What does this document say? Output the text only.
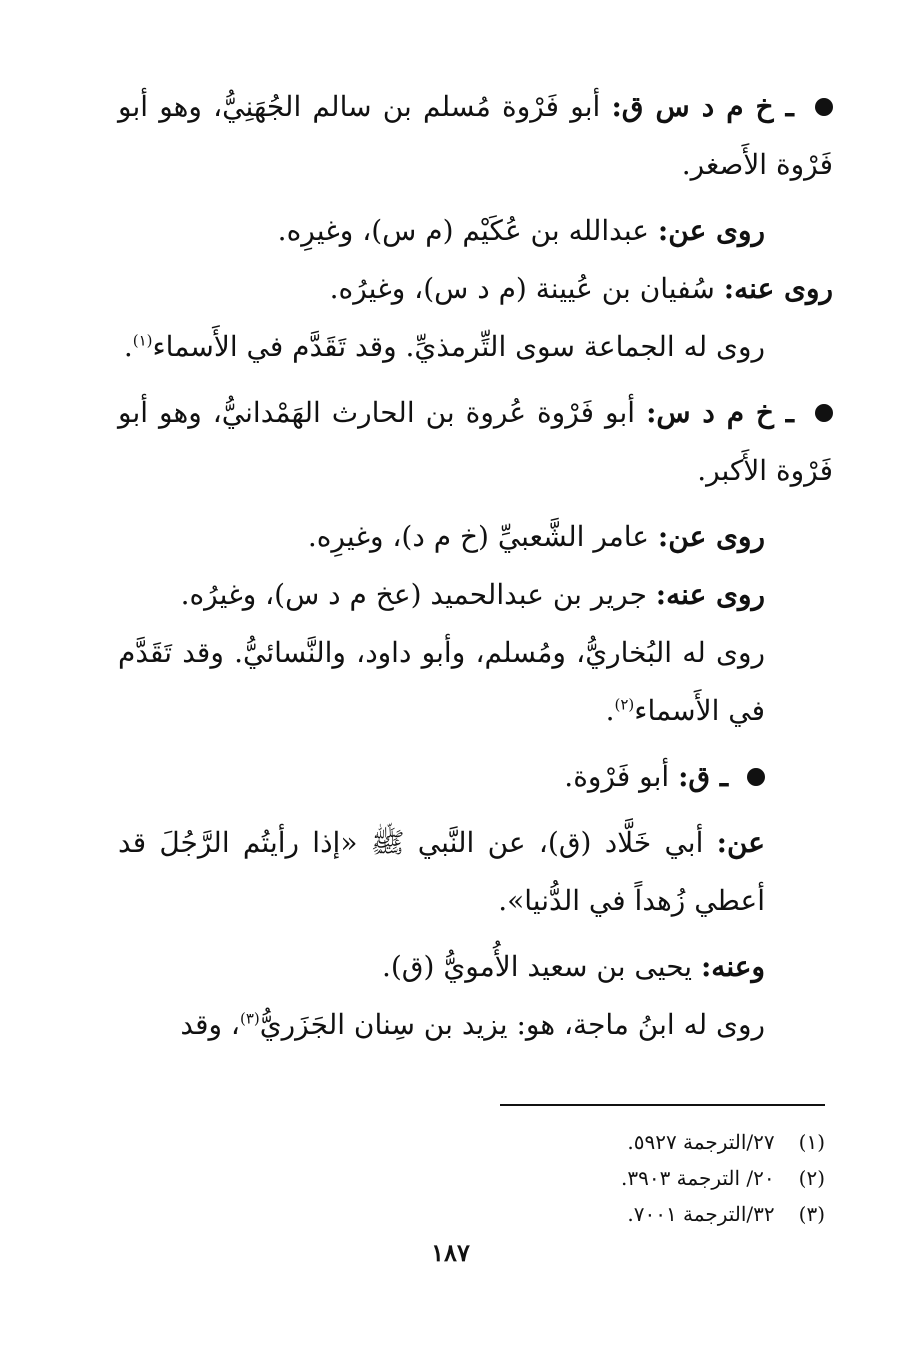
ـ خ م د س ق: أبو فَرْوة مُسلم بن سالم الجُهَنِيُّ، وهو أبو فَرْوة الأَصغر.

روى عن: عبدالله بن عُكَيْم (م س)، وغيرِه.

روى عنه: سُفيان بن عُيينة (م د س)، وغيرُه.

روى له الجماعة سوى التِّرمذيِّ. وقد تَقَدَّم في الأَسماء$^{(١)}$.

ـ خ م د س: أبو فَرْوة عُروة بن الحارث الهَمْدانيُّ، وهو أبو فَرْوة الأَكبر.

روى عن: عامر الشَّعبيِّ (خ م د)، وغيرِه.

روى عنه: جرير بن عبدالحميد (عخ م د س)، وغيرُه.

روى له البُخاريُّ، ومُسلم، وأبو داود، والنَّسائيُّ. وقد تَقَدَّم في الأَسماء$^{(٢)}$.

ـ ق: أبو فَرْوة.

عن: أبي خَلَّاد (ق)، عن النَّبي ﷺ «إذا رأيتُم الرَّجُلَ قد أعطي زُهداً في الدُّنيا».

وعنه: يحيى بن سعيد الأُمويُّ (ق).

روى له ابنُ ماجة، هو: يزيد بن سِنان الجَزَريُّ$^{(٣)}$، وقد

(١) ٢٧/الترجمة ٥٩٢٧.
(٢) ٢٠/ الترجمة ٣٩٠٣.
(٣) ٣٢/الترجمة ٧٠٠١.
١٨٧
